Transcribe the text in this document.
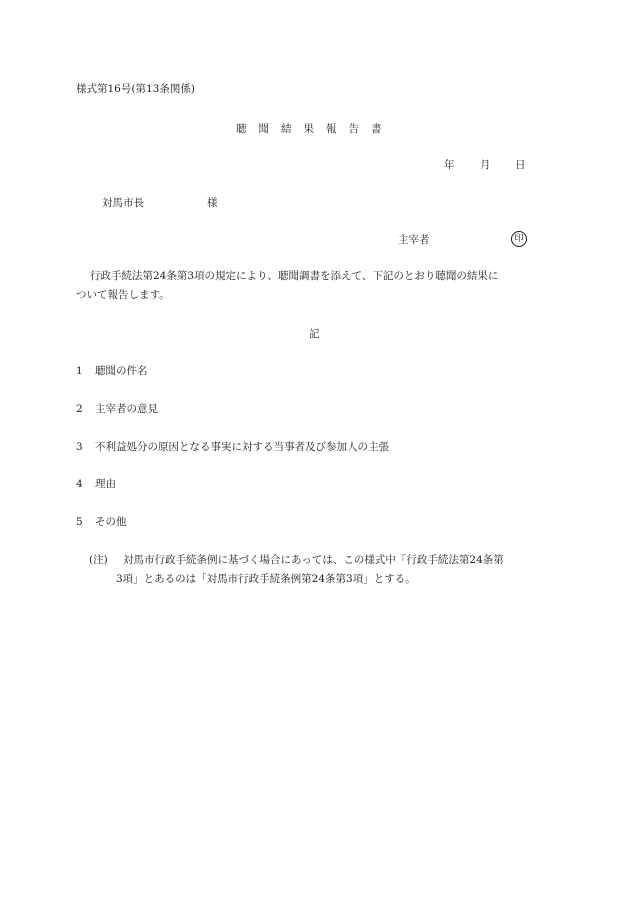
様式第16号(第13条関係)
聴聞結果報告書
年 月 日
対馬市長	様
主宰者	印
行政手続法第24条第3項の規定により、聴聞調書を添えて、下記のとおり聴聞の結果に
ついて報告します。
記
1 聴聞の件名
2 主宰者の意見
3 不利益処分の原因となる事実に対する当事者及び参加人の主張
4 理由
5 その他
(注) 対馬市行政手続条例に基づく場合にあっては、この様式中「行政手続法第24条第
3項」とあるのは「対馬市行政手続条例第24条第3項」とする。
